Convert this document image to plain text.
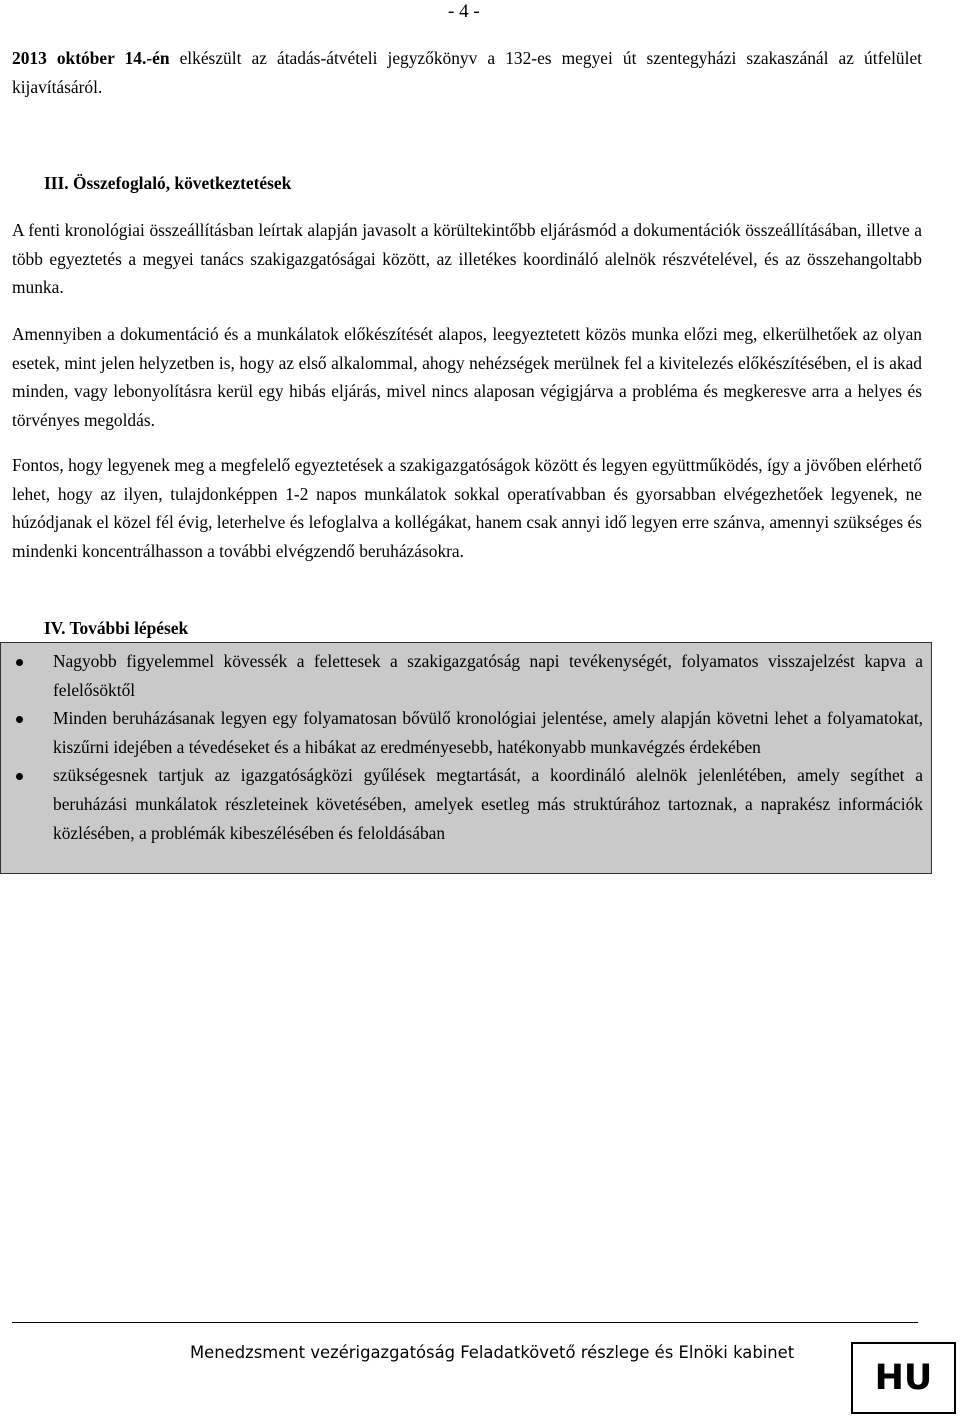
- 4 -

2013 október 14.-én elkészült az átadás-átvételi jegyzőkönyv a 132-es megyei út szentegyházi szakaszánál az útfelület kijavításáról.

III. Összefoglaló, következtetések

A fenti kronológiai összeállításban leírtak alapján javasolt a körültekintőbb eljárásmód a dokumentációk összeállításában, illetve a több egyeztetés a megyei tanács szakigazgatóságai között, az illetékes koordináló alelnök részvételével, és az összehangoltabb munka.

Amennyiben a dokumentáció és a munkálatok előkészítését alapos, leegyeztetett közös munka előzi meg, elkerülhetőek az olyan esetek, mint jelen helyzetben is, hogy az első alkalommal, ahogy nehézségek merülnek fel a kivitelezés előkészítésében, el is akad minden, vagy lebonyolításra kerül egy hibás eljárás, mivel nincs alaposan végigjárva a probléma és megkeresve arra a helyes és törvényes megoldás.

Fontos, hogy legyenek meg a megfelelő egyeztetések a szakigazgatóságok között és legyen együttműködés, így a jövőben elérhető lehet, hogy az ilyen, tulajdonképpen 1-2 napos munkálatok sokkal operatívabban és gyorsabban elvégezhetőek legyenek, ne húzódjanak el közel fél évig, leterhelve és lefoglalva a kollégákat, hanem csak annyi idő legyen erre szánva, amennyi szükséges és mindenki koncentrálhasson a további elvégzendő beruházásokra.

IV. További lépések

Nagyobb figyelemmel kövessék a felettesek a szakigazgatóság napi tevékenységét, folyamatos visszajelzést kapva a felelősöktől

Minden beruházásanak legyen egy folyamatosan bővülő kronológiai jelentése, amely alapján követni lehet a folyamatokat, kiszűrni idejében a tévedéseket és a hibákat az eredményesebb, hatékonyabb munkavégzés érdekében

szükségesnek tartjuk az igazgatóságközi gyűlések megtartását, a koordináló alelnök jelenlétében, amely segíthet a beruházási munkálatok részleteinek követésében, amelyek esetleg más struktúrához tartoznak, a naprakész információk közlésében, a problémák kibeszélésében és feloldásában

Menedzsment vezérigazgatóság Feladatkövető részlege és Elnöki kabinet
HU
